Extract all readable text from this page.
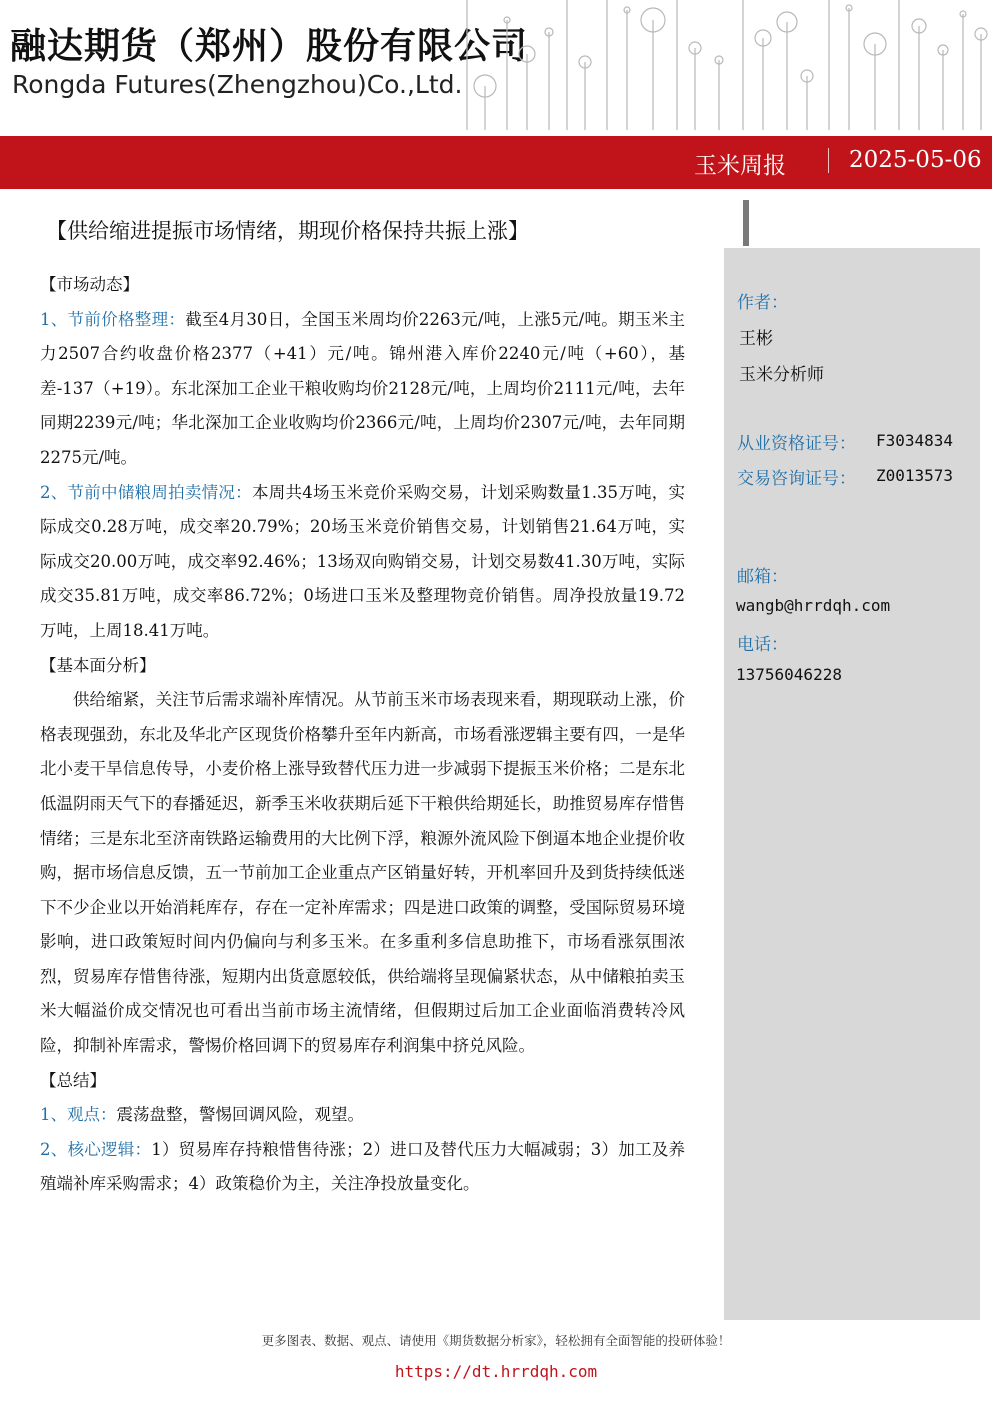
融达期货（郑州）股份有限公司
Rongda Futures(Zhengzhou)Co.,Ltd.
玉米周报	2025-05-06
【供给缩进提振市场情绪，期现价格保持共振上涨】
作者：
王彬
玉米分析师
从业资格证号： F3034834
交易咨询证号： Z0013573
邮箱：
wangb@hrrdqh.com
电话：
13756046228
【市场动态】

1、节前价格整理：截至4月30日，全国玉米周均价2263元/吨，上涨5元/吨。期玉米主力2507合约收盘价格2377（+41）元/吨。锦州港入库价2240元/吨（+60），基差-137（+19）。东北深加工企业干粮收购均价2128元/吨，上周均价2111元/吨，去年同期2239元/吨；华北深加工企业收购均价2366元/吨，上周均价2307元/吨，去年同期2275元/吨。

2、节前中储粮周拍卖情况：本周共4场玉米竞价采购交易，计划采购数量1.35万吨，实际成交0.28万吨，成交率20.79%；20场玉米竞价销售交易，计划销售21.64万吨，实际成交20.00万吨，成交率92.46%；13场双向购销交易，计划交易数41.30万吨，实际成交35.81万吨，成交率86.72%；0场进口玉米及整理物竞价销售。周净投放量19.72万吨，上周18.41万吨。

【基本面分析】

供给缩紧，关注节后需求端补库情况。从节前玉米市场表现来看，期现联动上涨，价格表现强劲，东北及华北产区现货价格攀升至年内新高，市场看涨逻辑主要有四，一是华北小麦干旱信息传导，小麦价格上涨导致替代压力进一步减弱下提振玉米价格；二是东北低温阴雨天气下的春播延迟，新季玉米收获期后延下干粮供给期延长，助推贸易库存惜售情绪；三是东北至济南铁路运输费用的大比例下浮，粮源外流风险下倒逼本地企业提价收购，据市场信息反馈，五一节前加工企业重点产区销量好转，开机率回升及到货持续低迷下不少企业以开始消耗库存，存在一定补库需求；四是进口政策的调整，受国际贸易环境影响，进口政策短时间内仍偏向与利多玉米。在多重利多信息助推下，市场看涨氛围浓烈，贸易库存惜售待涨，短期内出货意愿较低，供给端将呈现偏紧状态，从中储粮拍卖玉米大幅溢价成交情况也可看出当前市场主流情绪，但假期过后加工企业面临消费转冷风险，抑制补库需求，警惕价格回调下的贸易库存利润集中挤兑风险。

【总结】

1、观点：震荡盘整，警惕回调风险，观望。

2、核心逻辑：1）贸易库存持粮惜售待涨；2）进口及替代压力大幅减弱；3）加工及养殖端补库采购需求；4）政策稳价为主，关注净投放量变化。

更多图表、数据、观点、请使用《期货数据分析家》，轻松拥有全面智能的投研体验！
https://dt.hrrdqh.com
